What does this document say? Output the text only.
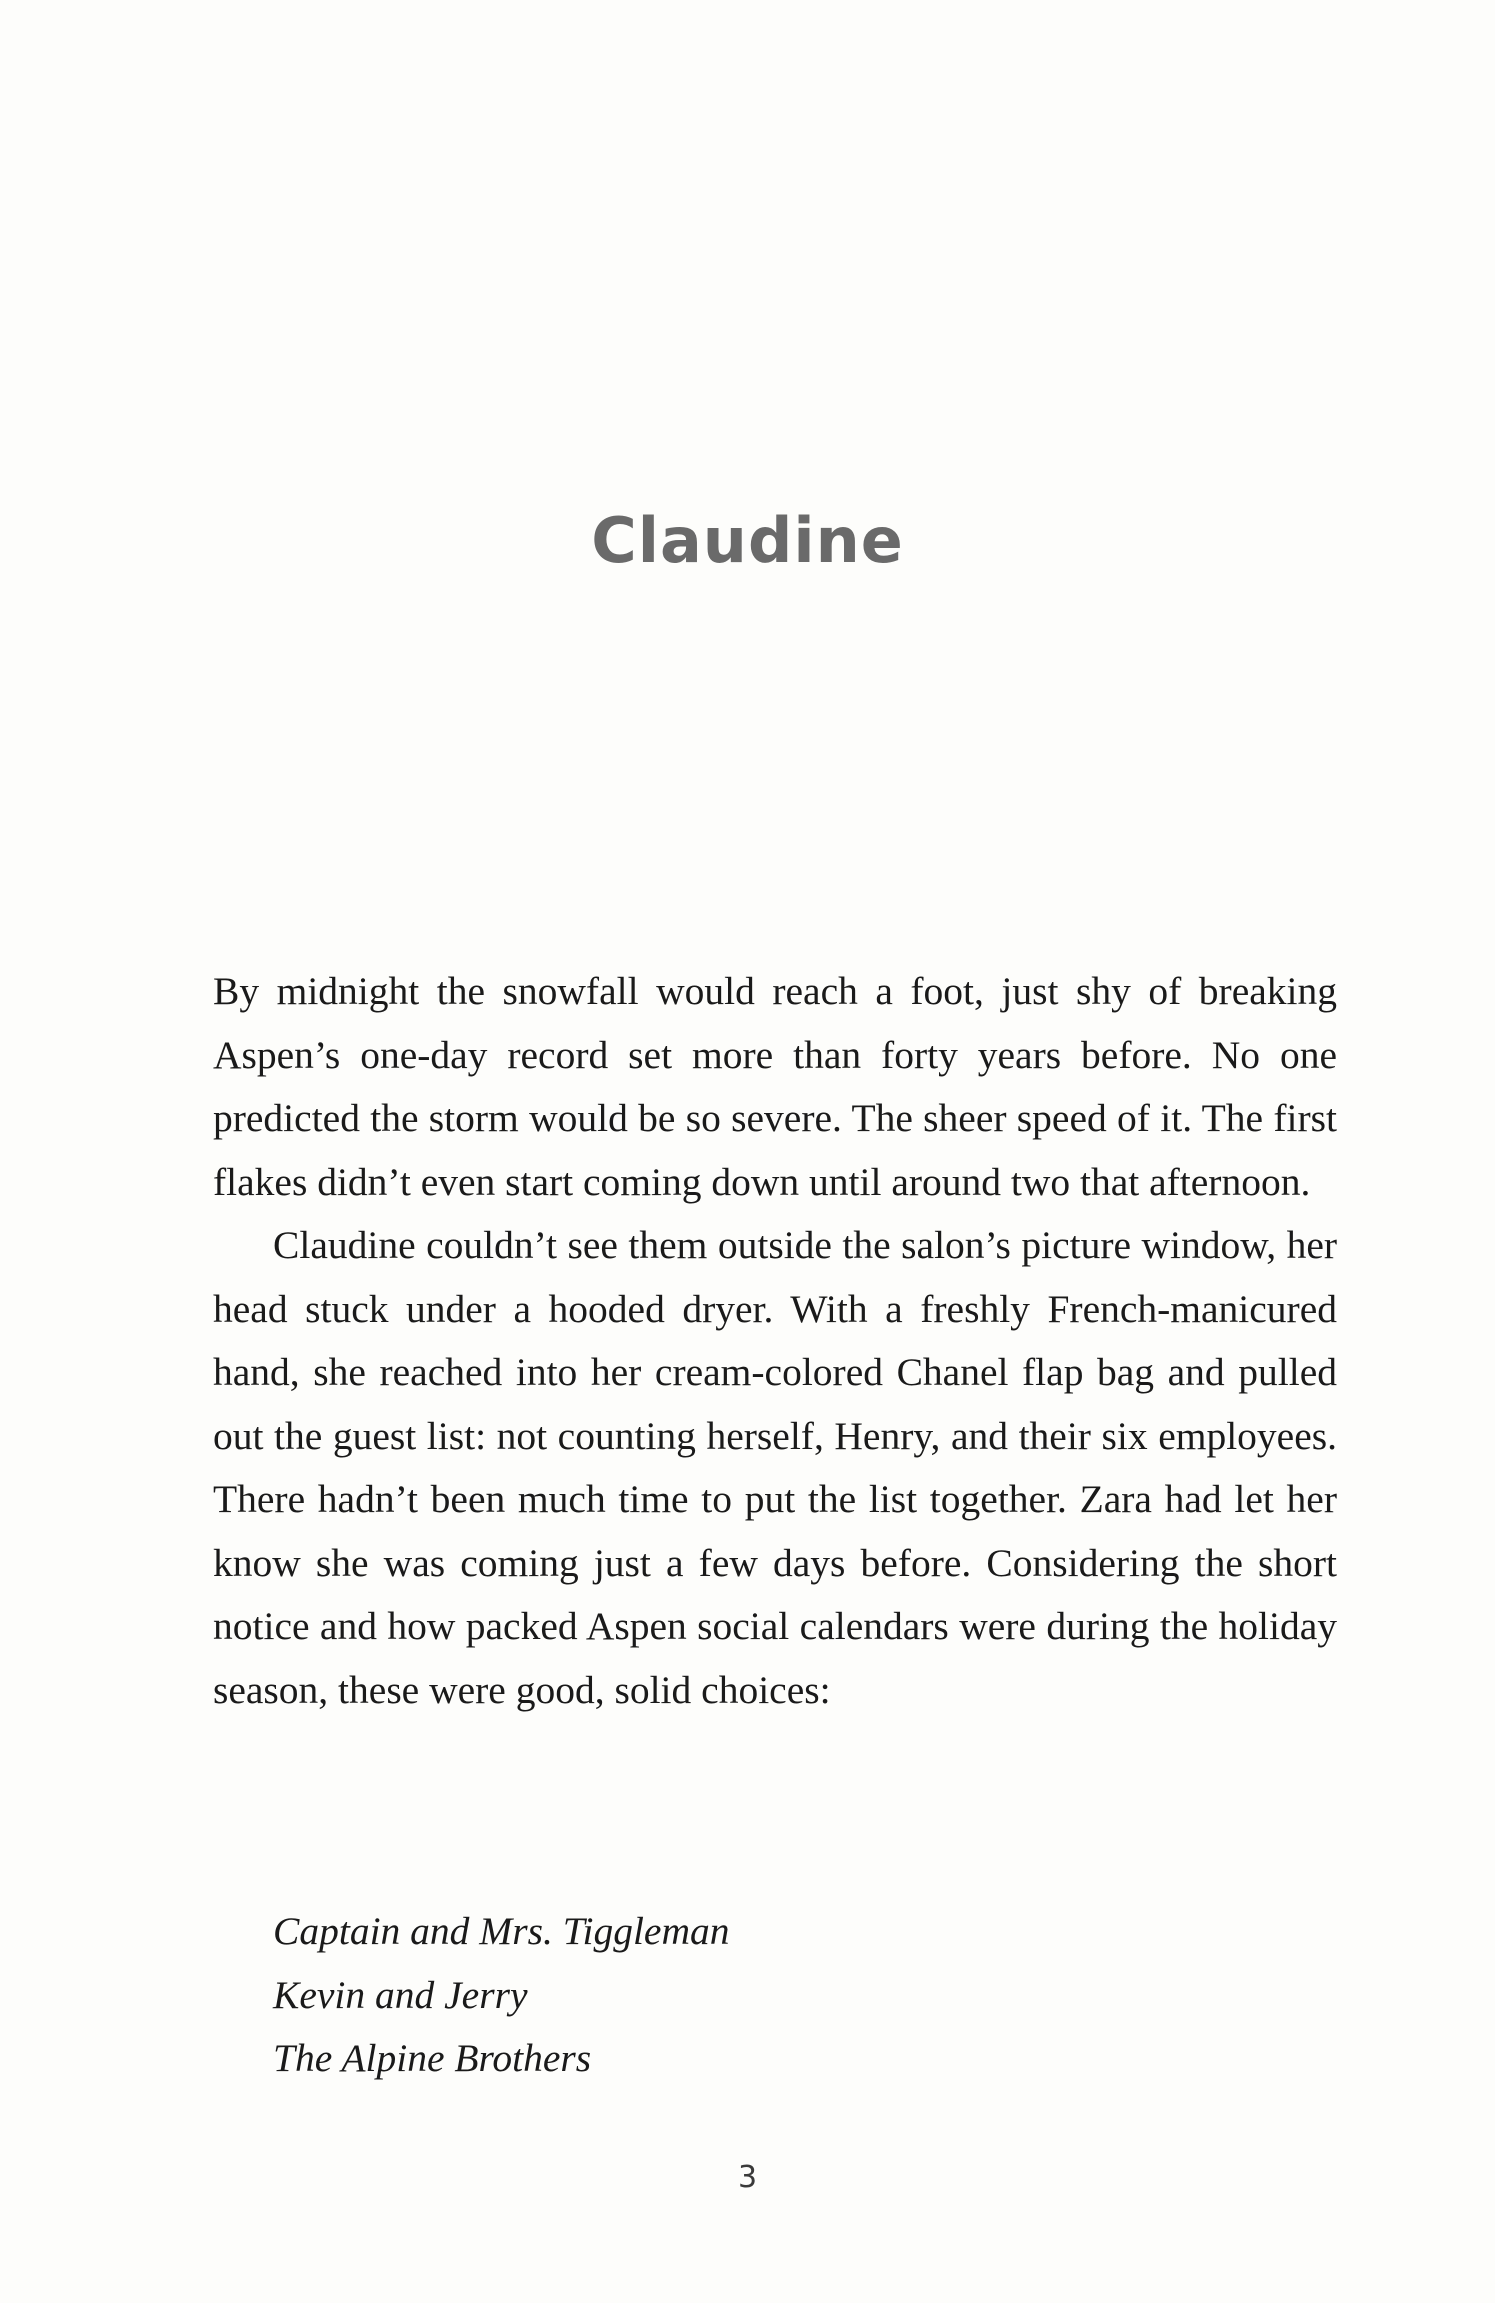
Claudine

By midnight the snowfall would reach a foot, just shy of breaking Aspen’s one-day record set more than forty years before. No one predicted the storm would be so severe. The sheer speed of it. The first flakes didn’t even start coming down until around two that afternoon.

Claudine couldn’t see them outside the salon’s picture window, her head stuck under a hooded dryer. With a freshly French-manicured hand, she reached into her cream-colored Chanel flap bag and pulled out the guest list: not counting herself, Henry, and their six employees. There hadn’t been much time to put the list together. Zara had let her know she was coming just a few days before. Considering the short notice and how packed Aspen social calendars were during the holiday season, these were good, solid choices:

Captain and Mrs. Tiggleman
Kevin and Jerry
The Alpine Brothers
3
